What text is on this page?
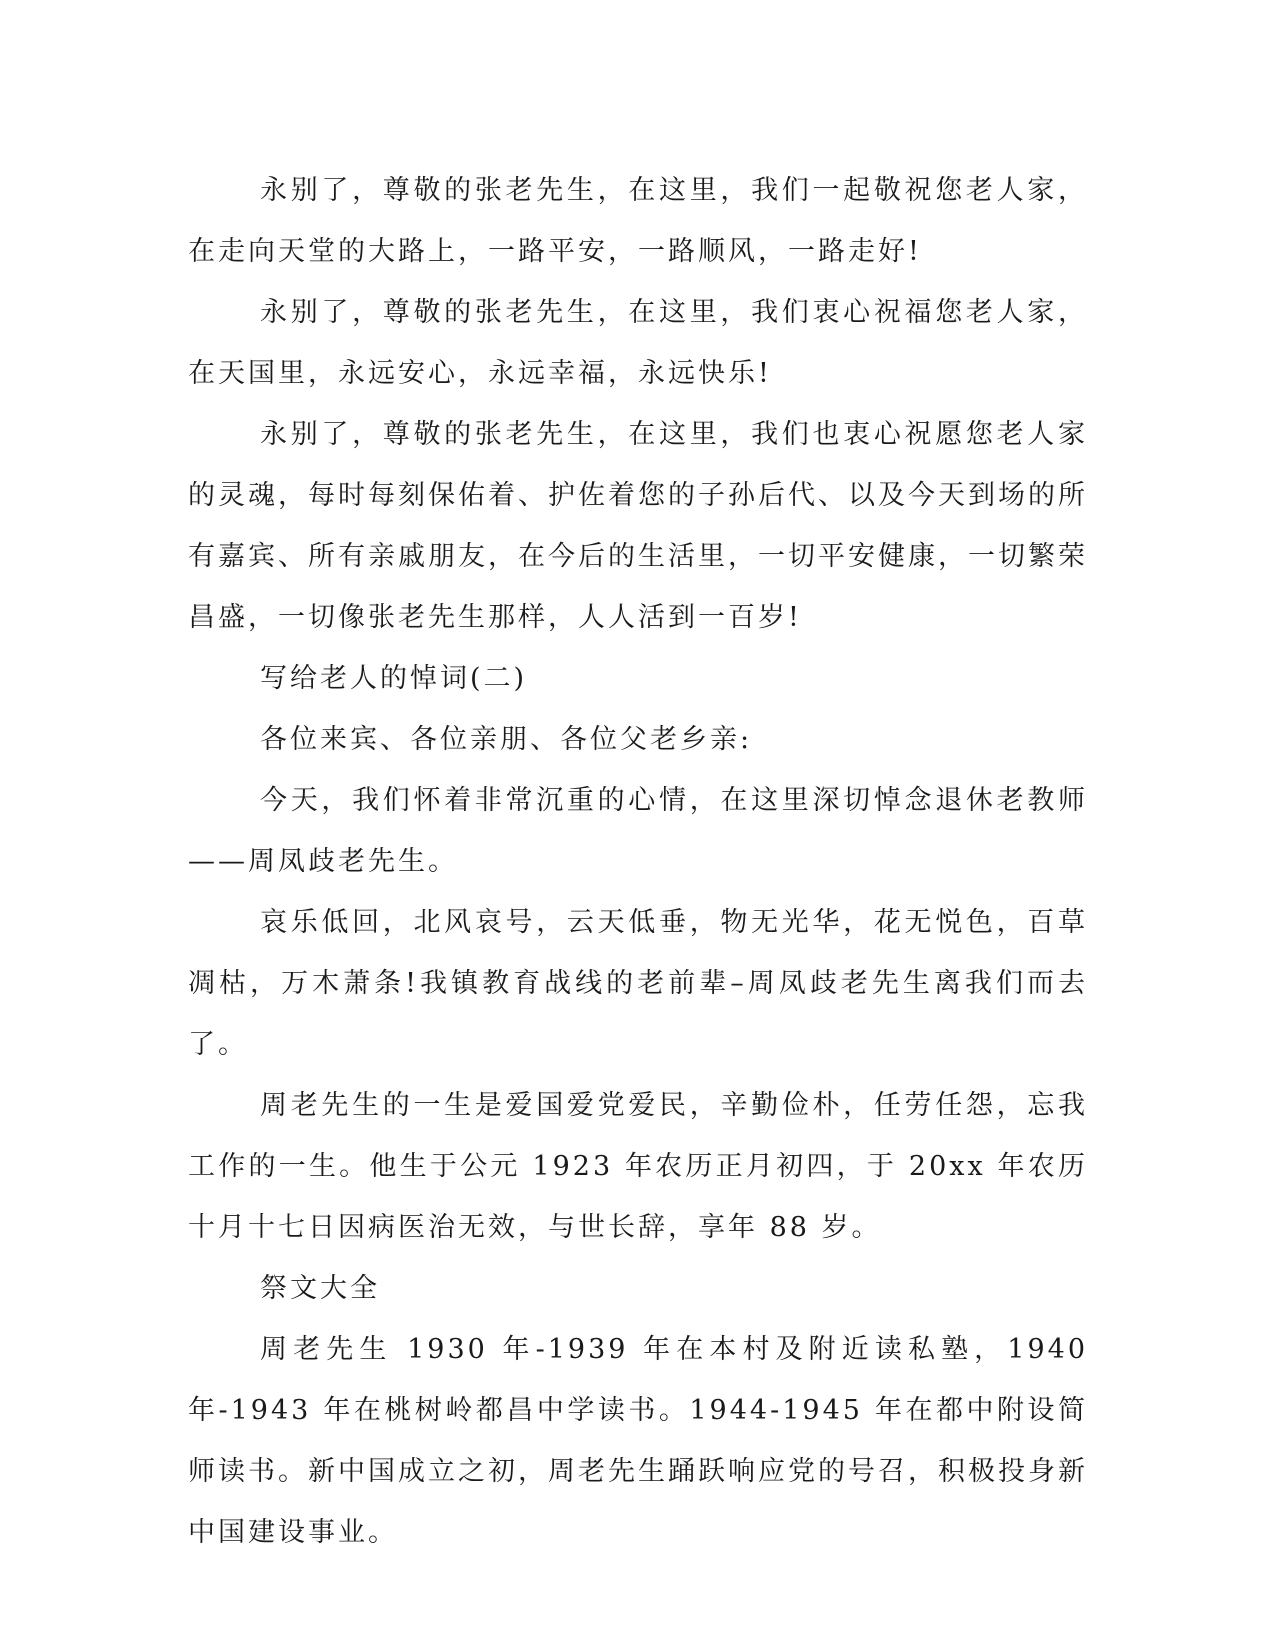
永别了，尊敬的张老先生，在这里，我们一起敬祝您老人家，在走向天堂的大路上，一路平安，一路顺风，一路走好!

永别了，尊敬的张老先生，在这里，我们衷心祝福您老人家，在天国里，永远安心，永远幸福，永远快乐!

永别了，尊敬的张老先生，在这里，我们也衷心祝愿您老人家的灵魂，每时每刻保佑着、护佐着您的子孙后代、以及今天到场的所有嘉宾、所有亲戚朋友，在今后的生活里，一切平安健康，一切繁荣昌盛，一切像张老先生那样，人人活到一百岁!

写给老人的悼词(二)

各位来宾、各位亲朋、各位父老乡亲:

今天，我们怀着非常沉重的心情，在这里深切悼念退休老教师——周凤歧老先生。

哀乐低回，北风哀号，云天低垂，物无光华，花无悦色，百草凋枯，万木萧条!我镇教育战线的老前辈–周凤歧老先生离我们而去了。

周老先生的一生是爱国爱党爱民，辛勤俭朴，任劳任怨，忘我工作的一生。他生于公元 1923 年农历正月初四，于 20xx 年农历十月十七日因病医治无效，与世长辞，享年 88 岁。

祭文大全

周老先生 1930 年-1939 年在本村及附近读私塾，1940 年-1943 年在桃树岭都昌中学读书。1944-1945 年在都中附设简师读书。新中国成立之初，周老先生踊跃响应党的号召，积极投身新中国建设事业。
